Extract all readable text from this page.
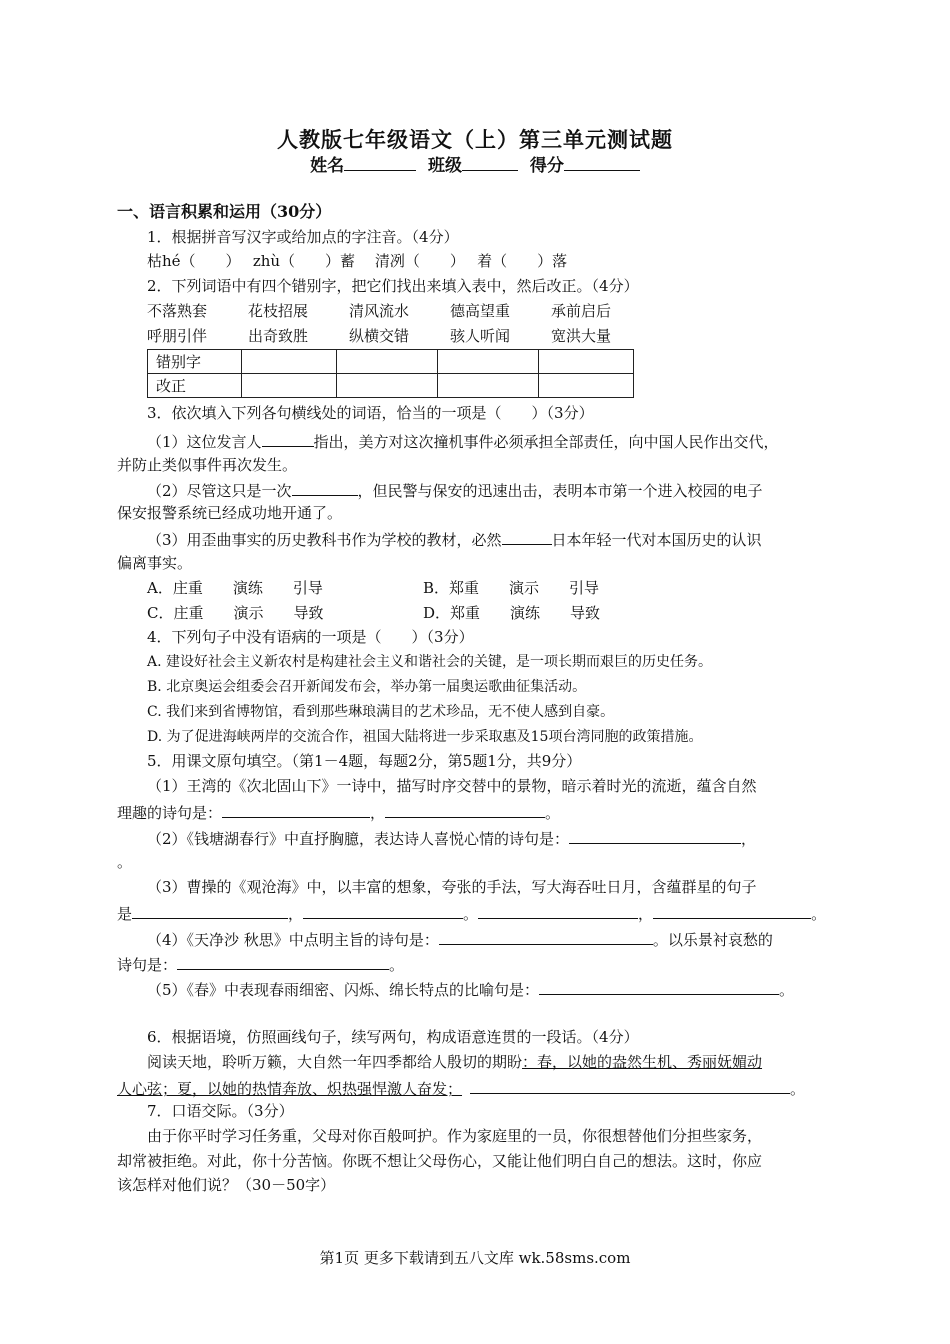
人教版七年级语文（上）第三单元测试题
姓名	班级	得分
一、语言积累和运用（30分）
1．根据拼音写汉字或给加点的字注音。（4分）
枯hé（　　）　 zhù（　　）蓄　 清冽（　　）　 着（　　）落
2．下列词语中有四个错别字，把它们找出来填入表中，然后改正。（4分）
不落熟套	花枝招展	清风流水	德高望重	承前启后
呼朋引伴	出奇致胜	纵横交错	骇人听闻	宽洪大量
错别字				
改正				
3．依次填入下列各句横线处的词语，恰当的一项是（　　）（3分）
（1）这位发言人	指出，美方对这次撞机事件必须承担全部责任，向中国人民作出交代，
并防止类似事件再次发生。
（2）尽管这只是一次	，但民警与保安的迅速出击，表明本市第一个进入校园的电子
保安报警系统已经成功地开通了。
（3）用歪曲事实的历史教科书作为学校的教材，必然	日本年轻一代对本国历史的认识
偏离事实。
A．庄重　　演练　　引导	B．郑重　　演示　　引导
C．庄重　　演示　　导致	D．郑重　　演练　　导致
4．下列句子中没有语病的一项是（　　）（3分）
A. 建设好社会主义新农村是构建社会主义和谐社会的关键，是一项长期而艰巨的历史任务。
B. 北京奥运会组委会召开新闻发布会，举办第一届奥运歌曲征集活动。
C. 我们来到省博物馆，看到那些琳琅满目的艺术珍品，无不使人感到自豪。
D. 为了促进海峡两岸的交流合作，祖国大陆将进一步采取惠及15项台湾同胞的政策措施。
5．用课文原句填空。（第1－4题，每题2分，第5题1分，共9分）
（1）王湾的《次北固山下》一诗中，描写时序交替中的景物，暗示着时光的流逝，蕴含自然
理趣的诗句是：	，	。
（2）《钱塘湖春行》中直抒胸臆，表达诗人喜悦心情的诗句是：	，
。
（3）曹操的《观沧海》中，以丰富的想象，夸张的手法，写大海吞吐日月，含蕴群星的句子
是	，	。	，	。
（4）《天净沙 秋思》中点明主旨的诗句是：	。以乐景衬哀愁的
诗句是：	。
（5）《春》中表现春雨细密、闪烁、绵长特点的比喻句是：	。
6．根据语境，仿照画线句子，续写两句，构成语意连贯的一段话。（4分）
阅读天地，聆听万籁，大自然一年四季都给人殷切的期盼：春，以她的盎然生机、秀丽妩媚动
人心弦；夏，以她的热情奔放、炽热强悍激人奋发；	。
7．口语交际。（3分）
由于你平时学习任务重，父母对你百般呵护。作为家庭里的一员，你很想替他们分担些家务，
却常被拒绝。对此，你十分苦恼。你既不想让父母伤心，又能让他们明白自己的想法。这时，你应
该怎样对他们说？（30－50字）
第1页 更多下载请到五八文库 wk.58sms.com
